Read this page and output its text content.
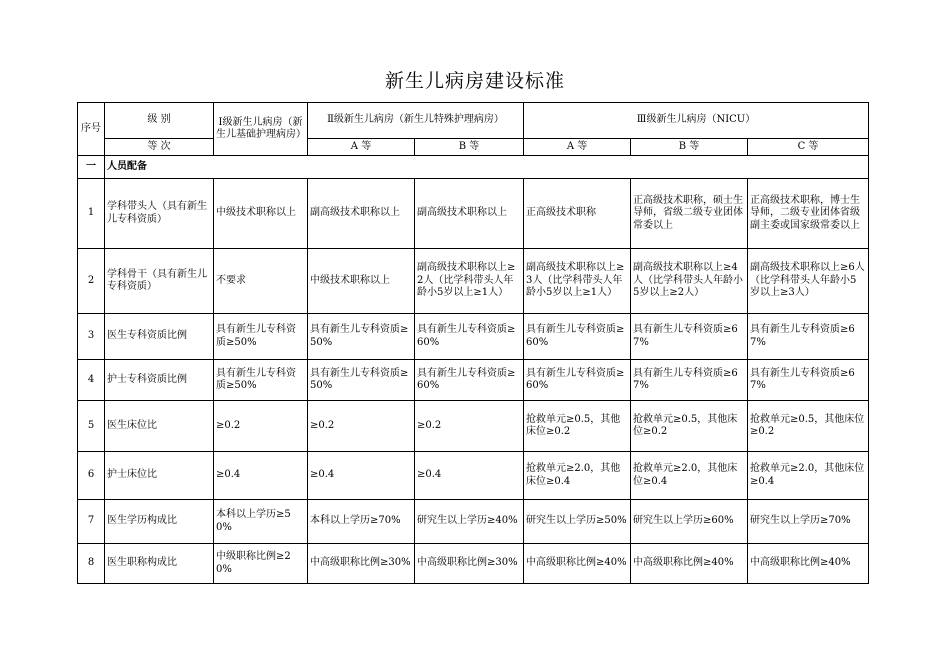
新生儿病房建设标准
序号	级 别	Ⅰ级新生儿病房（新生儿基础护理病房）	Ⅱ级新生儿病房（新生儿特殊护理病房）		Ⅲ级新生儿病房（NICU）		
	等 次		A 等	B 等	A 等	B 等	C 等
一	人员配备						
1	学科带头人（具有新生儿专科资质）	中级技术职称以上	副高级技术职称以上	副高级技术职称以上	正高级技术职称	正高级技术职称，硕士生导师，省级二级专业团体常委以上	正高级技术职称，博士生导师，二级专业团体省级副主委或国家级常委以上
2	学科骨干（具有新生儿专科资质）	不要求	中级技术职称以上	副高级技术职称以上≥2人（比学科带头人年龄小5岁以上≥1人）	副高级技术职称以上≥3人（比学科带头人年龄小5岁以上≥1人）	副高级技术职称以上≥4人（比学科带头人年龄小5岁以上≥2人）	副高级技术职称以上≥6人（比学科带头人年龄小5岁以上≥3人）
3	医生专科资质比例	具有新生儿专科资质≥50%	具有新生儿专科资质≥50%	具有新生儿专科资质≥60%	具有新生儿专科资质≥60%	具有新生儿专科资质≥67%	具有新生儿专科资质≥67%
4	护士专科资质比例	具有新生儿专科资质≥50%	具有新生儿专科资质≥50%	具有新生儿专科资质≥60%	具有新生儿专科资质≥60%	具有新生儿专科资质≥67%	具有新生儿专科资质≥67%
5	医生床位比	≥0.2	≥0.2	≥0.2	抢救单元≥0.5，其他床位≥0.2	抢救单元≥0.5，其他床位≥0.2	抢救单元≥0.5，其他床位≥0.2
6	护士床位比	≥0.4	≥0.4	≥0.4	抢救单元≥2.0，其他床位≥0.4	抢救单元≥2.0，其他床位≥0.4	抢救单元≥2.0，其他床位≥0.4
7	医生学历构成比	本科以上学历≥50%	本科以上学历≥70%	研究生以上学历≥40%	研究生以上学历≥50%	研究生以上学历≥60%	研究生以上学历≥70%
8	医生职称构成比	中级职称比例≥20%	中高级职称比例≥30%	中高级职称比例≥30%	中高级职称比例≥40%	中高级职称比例≥40%	中高级职称比例≥40%
